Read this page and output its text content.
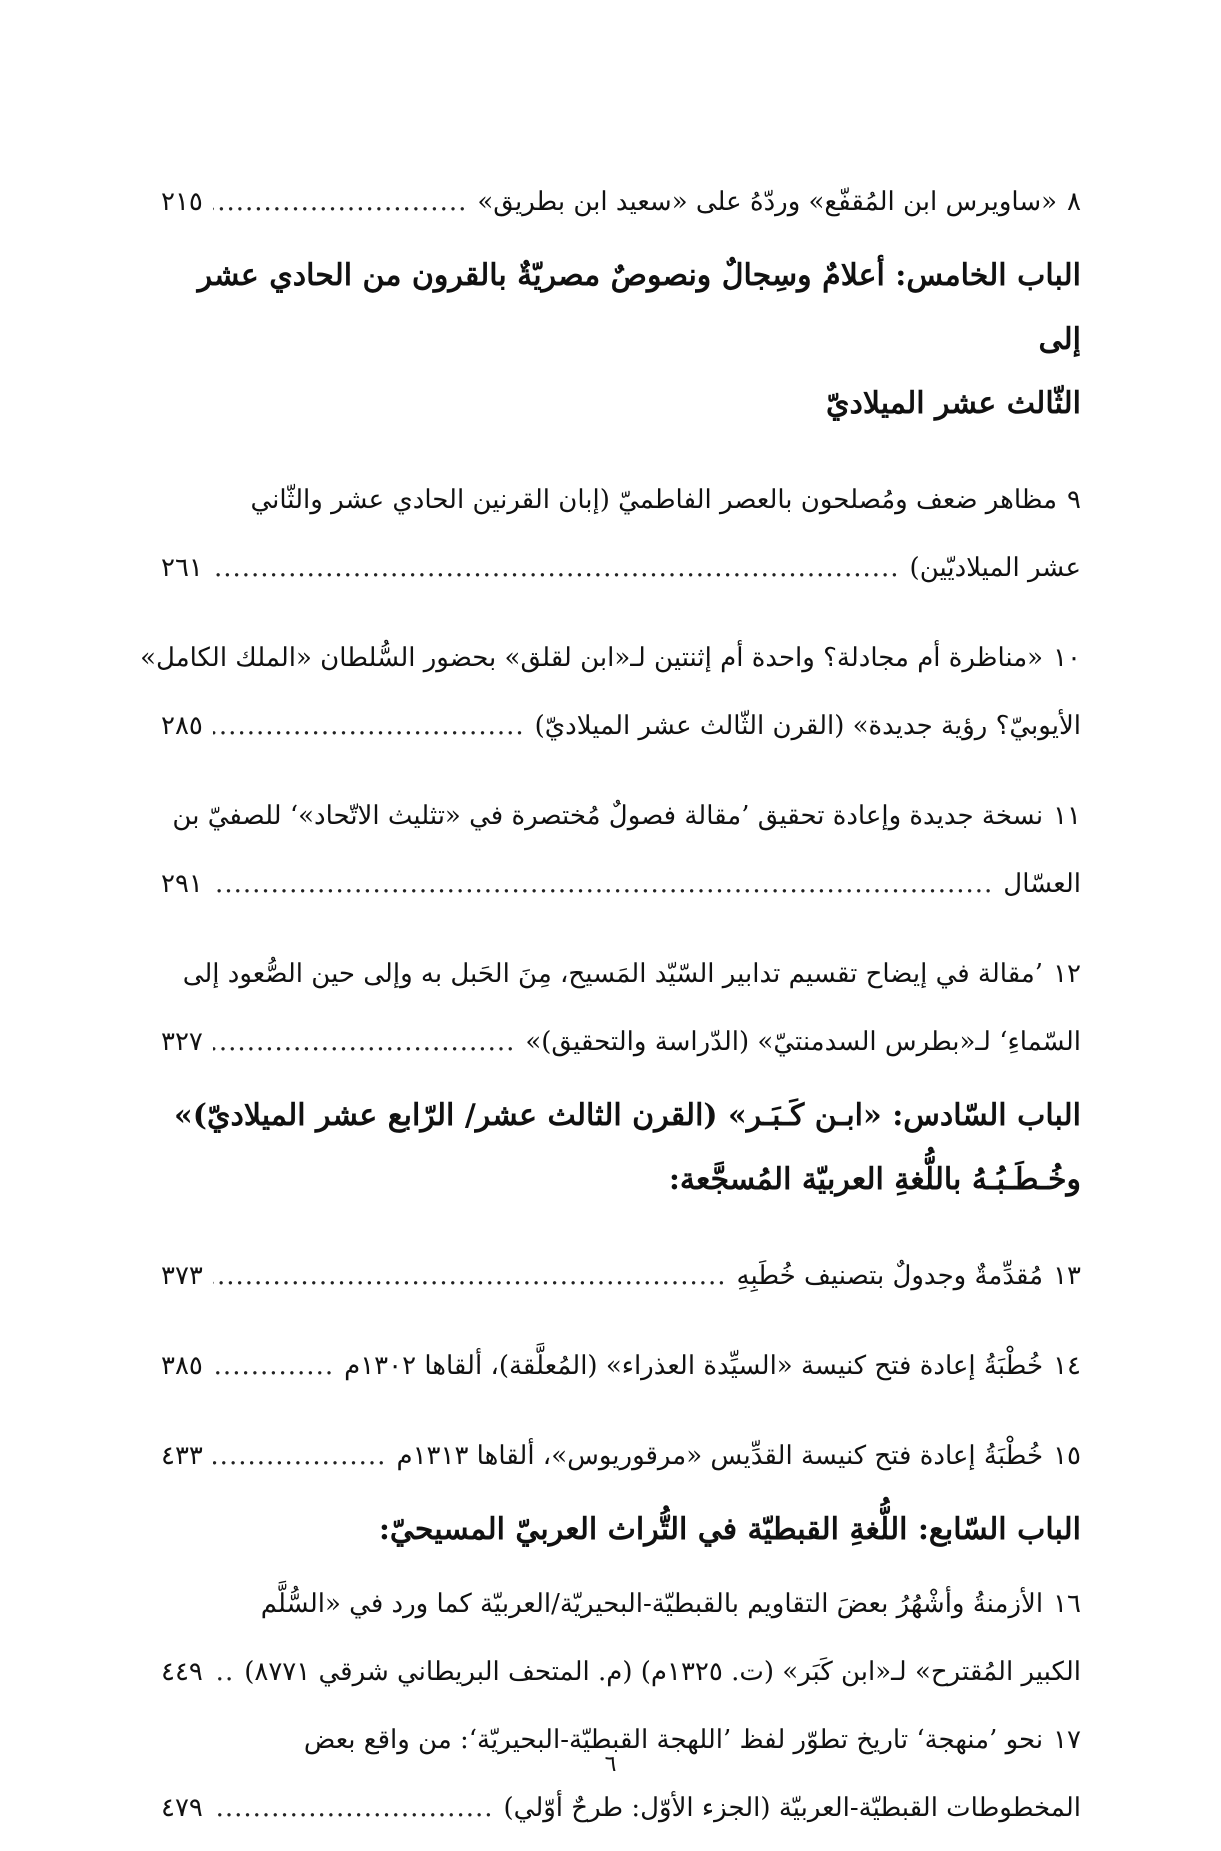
٨
«ساويرس ابن المُقفّع» وردّهُ على «سعيد ابن بطريق»
.....
٢١٥
الباب الخامس: أعلامٌ وسِجالٌ ونصوصٌ مصريّةٌ بالقرون من الحادي عشر إلى
الثّالث عشر الميلاديّ
٩
مظاهر ضعف ومُصلحون بالعصر الفاطميّ (إبان القرنين الحادي عشر والثّاني
عشر الميلاديّين)
.....
٢٦١
١٠
«مناظرة أم مجادلة؟ واحدة أم إثنتين لـ«ابن لقلق» بحضور السُّلطان «الملك الكامل»
الأيوبيّ؟ رؤية جديدة» (القرن الثّالث عشر الميلاديّ)
.....
٢٨٥
١١
نسخة جديدة وإعادة تحقيق ’مقالة فصولٌ مُختصرة في «تثليث الاتّحاد»‘ للصفيّ بن
العسّال
.....
٢٩١
١٢
’مقالة في إيضاح تقسيم تدابير السّيّد المَسيح، مِنَ الحَبل به وإلى حين الصُّعود إلى
السّماءِ‘ لـ«بطرس السدمنتيّ» (الدّراسة والتحقيق)»
.....
٣٢٧
الباب السّادس: «ابـن كَـبَـر» (القرن الثالث عشر/ الرّابع عشر الميلاديّ)»
وخُـطَـبُـهُ باللُّغةِ العربيّة المُسجَّعة:
١٣
مُقدِّمةٌ وجدولٌ بتصنيف خُطَبِهِ
.....
٣٧٣
١٤
خُطْبَةُ إعادة فتح كنيسة «السيِّدة العذراء» (المُعلَّقة)، ألقاها ١٣٠٢م
.....
٣٨٥
١٥
خُطْبَةُ إعادة فتح كنيسة القدِّيس «مرقوريوس»، ألقاها ١٣١٣م
.....
٤٣٣
الباب السّابع: اللُّغةِ القبطيّة في التُّراث العربيّ المسيحيّ:
١٦
الأزمنةُ وأشْهُرُ بعضَ التقاويم بالقبطيّة-البحيريّة/العربيّة كما ورد في «السُّلَّم
الكبير المُقترح» لـ«ابن كَبَر» (ت. ١٣٢٥م) (م. المتحف البريطاني شرقي ٨٧٧١)
.....
٤٤٩
١٧
نحو ’منهجة‘ تاريخ تطوّر لفظ ’اللهجة القبطيّة-البحيريّة‘: من واقع بعض
المخطوطات القبطيّة-العربيّة (الجزء الأوّل: طرحٌ أوّلي)
.....
٤٧٩
٦
